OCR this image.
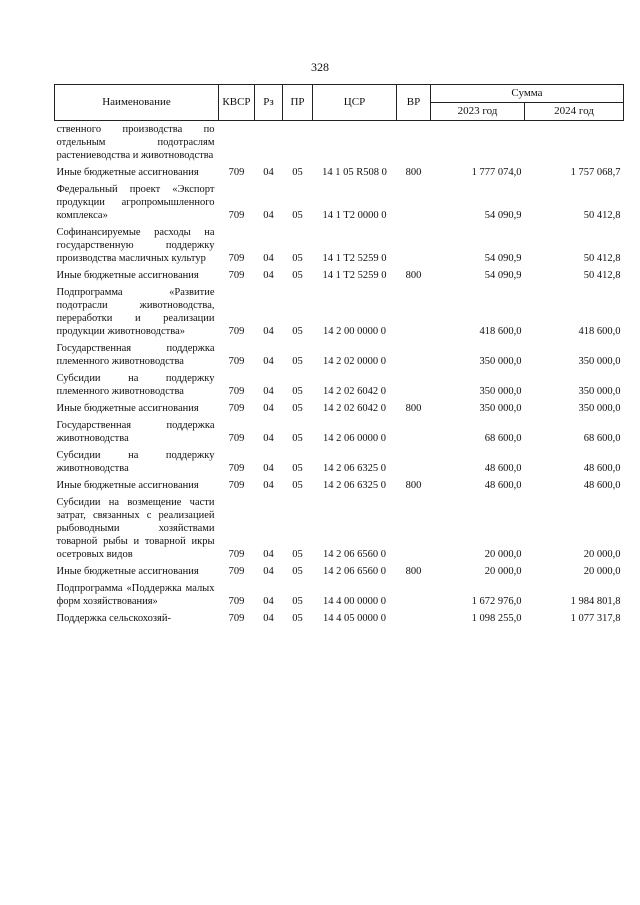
328
Наименование	КВСР	Рз	ПР	ЦСР	ВР	Сумма	
						2023 год	2024 год
ственного производства по отдельным подотраслям растениеводства и животноводства							

Иные бюджетные ассигнования	709	04	05	14 1 05 R508 0	800	1 777 074,0	1 757 068,7

Федеральный проект «Экспорт продукции агропромышленного комплекса»	709	04	05	14 1 T2 0000 0		54 090,9	50 412,8

Софинансируемые расходы на государственную поддержку производства масличных культур	709	04	05	14 1 T2 5259 0		54 090,9	50 412,8

Иные бюджетные ассигнования	709	04	05	14 1 T2 5259 0	800	54 090,9	50 412,8

Подпрограмма «Развитие подотрасли животноводства, переработки и реализации продукции животноводства»	709	04	05	14 2 00 0000 0		418 600,0	418 600,0

Государственная поддержка племенного животноводства	709	04	05	14 2 02 0000 0		350 000,0	350 000,0

Субсидии на поддержку племенного животноводства	709	04	05	14 2 02 6042 0		350 000,0	350 000,0

Иные бюджетные ассигнования	709	04	05	14 2 02 6042 0	800	350 000,0	350 000,0

Государственная поддержка животноводства	709	04	05	14 2 06 0000 0		68 600,0	68 600,0

Субсидии на поддержку животноводства	709	04	05	14 2 06 6325 0		48 600,0	48 600,0

Иные бюджетные ассигнования	709	04	05	14 2 06 6325 0	800	48 600,0	48 600,0

Субсидии на возмещение части затрат, связанных с реализацией рыбоводными хозяйствами товарной рыбы и товарной икры осетровых видов	709	04	05	14 2 06 6560 0		20 000,0	20 000,0

Иные бюджетные ассигнования	709	04	05	14 2 06 6560 0	800	20 000,0	20 000,0

Подпрограмма «Поддержка малых форм хозяйствования»	709	04	05	14 4 00 0000 0		1 672 976,0	1 984 801,8

Поддержка сельскохозяй-	709	04	05	14 4 05 0000 0		1 098 255,0	1 077 317,8
